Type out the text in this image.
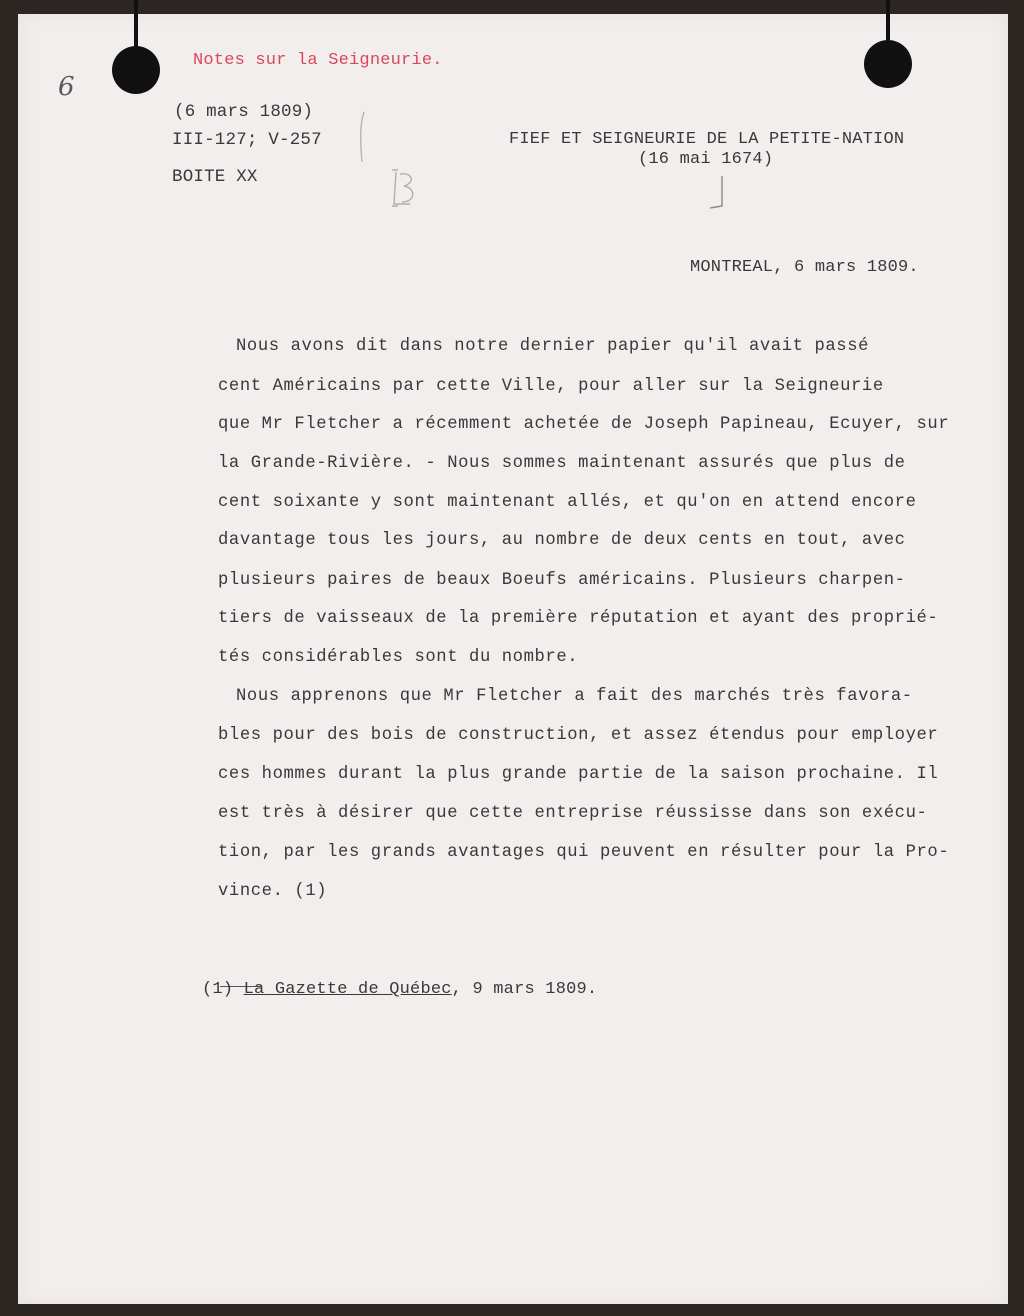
6
Notes sur la Seigneurie.
(6 mars 1809)
III-127; V-257
BOITE XX
FIEF ET SEIGNEURIE DE LA PETITE-NATION
(16 mai 1674)
MONTREAL, 6 mars 1809.
Nous avons dit dans notre dernier papier qu'il avait passé
cent Américains par cette Ville, pour aller sur la Seigneurie
que Mr Fletcher a récemment achetée de Joseph Papineau, Ecuyer, sur
la Grande-Rivière. - Nous sommes maintenant assurés que plus de
cent soixante y sont maintenant allés, et qu'on en attend encore
davantage tous les jours, au nombre de deux cents en tout, avec
plusieurs paires de beaux Boeufs américains. Plusieurs charpen-
tiers de vaisseaux de la première réputation et ayant des proprié-
tés considérables sont du nombre.
Nous apprenons que Mr Fletcher a fait des marchés très favora-
bles pour des bois de construction, et assez étendus pour employer
ces hommes durant la plus grande partie de la saison prochaine. Il
est très à désirer que cette entreprise réussisse dans son exécu-
tion, par les grands avantages qui peuvent en résulter pour la Pro-
vince. (1)
(1) La Gazette de Québec, 9 mars 1809.
